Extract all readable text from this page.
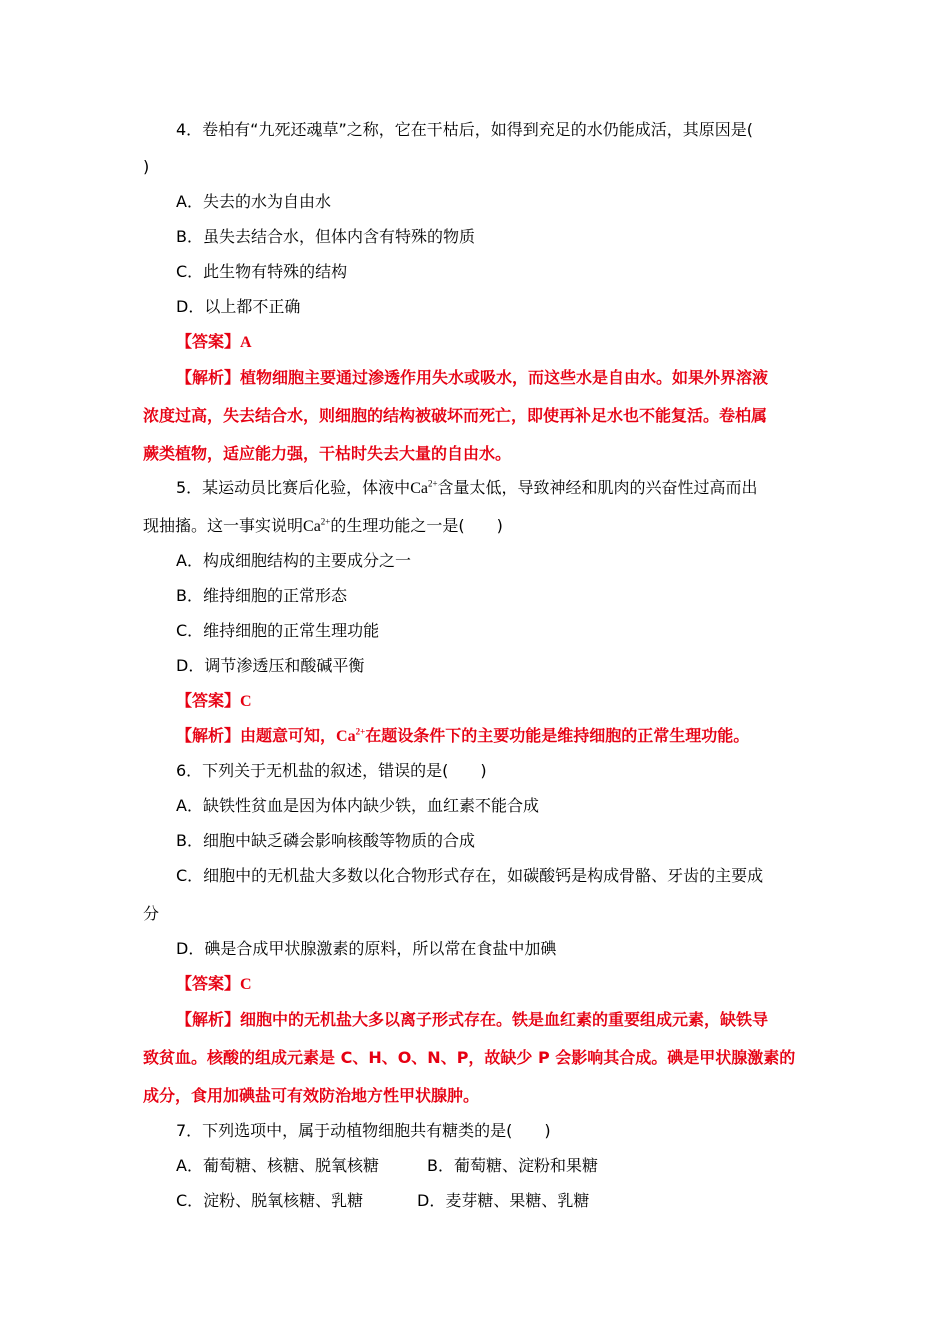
4．卷柏有“九死还魂草”之称，它在干枯后，如得到充足的水仍能成活，其原因是(
)
A．失去的水为自由水
B．虽失去结合水，但体内含有特殊的物质
C．此生物有特殊的结构
D．以上都不正确
【答案】A
【解析】植物细胞主要通过渗透作用失水或吸水，而这些水是自由水。如果外界溶液
浓度过高，失去结合水，则细胞的结构被破坏而死亡，即使再补足水也不能复活。卷柏属
蕨类植物，适应能力强，干枯时失去大量的自由水。
5．某运动员比赛后化验，体液中$Ca^{2+}$含量太低，导致神经和肌肉的兴奋性过高而出
现抽搐。这一事实说明$Ca^{2+}$的生理功能之一是(　　)
A．构成细胞结构的主要成分之一
B．维持细胞的正常形态
C．维持细胞的正常生理功能
D．调节渗透压和酸碱平衡
【答案】C
【解析】由题意可知，$Ca^{2+}$在题设条件下的主要功能是维持细胞的正常生理功能。
6．下列关于无机盐的叙述，错误的是(　　)
A．缺铁性贫血是因为体内缺少铁，血红素不能合成
B．细胞中缺乏磷会影响核酸等物质的合成
C．细胞中的无机盐大多数以化合物形式存在，如碳酸钙是构成骨骼、牙齿的主要成
分
D．碘是合成甲状腺激素的原料，所以常在食盐中加碘
【答案】C
【解析】细胞中的无机盐大多以离子形式存在。铁是血红素的重要组成元素，缺铁导
致贫血。核酸的组成元素是 C、H、O、N、P，故缺少 P 会影响其合成。碘是甲状腺激素的
成分，食用加碘盐可有效防治地方性甲状腺肿。
7．下列选项中，属于动植物细胞共有糖类的是(　　)
A．葡萄糖、核糖、脱氧核糖	B．葡萄糖、淀粉和果糖
C．淀粉、脱氧核糖、乳糖	D．麦芽糖、果糖、乳糖
